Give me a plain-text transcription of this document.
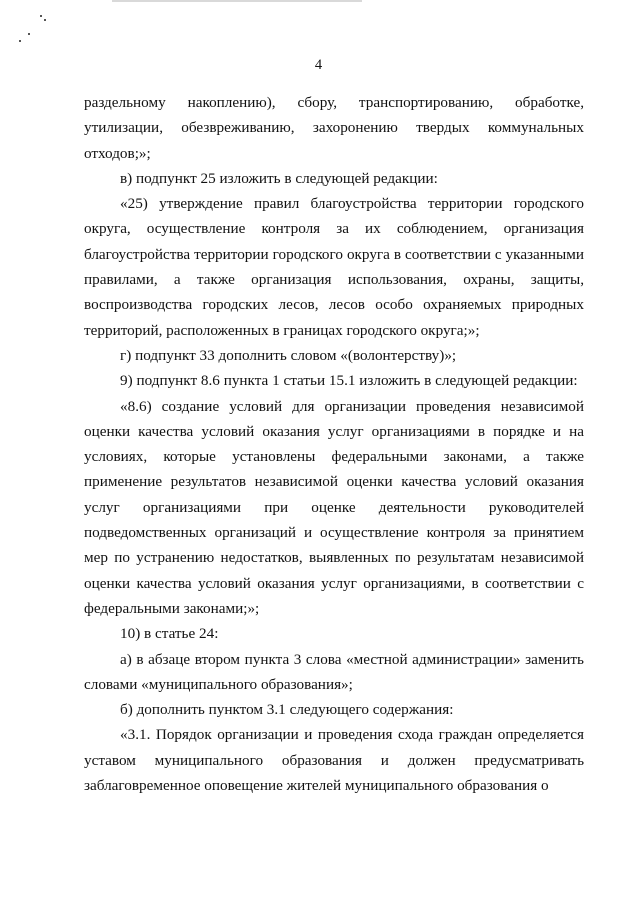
4

раздельному накоплению), сбору, транспортированию, обработке, утилизации, обезвреживанию, захоронению твердых коммунальных отходов;»;

в) подпункт 25 изложить в следующей редакции:

«25) утверждение правил благоустройства территории городского округа, осуществление контроля за их соблюдением, организация благоустройства территории городского округа в соответствии с указанными правилами, а также организация использования, охраны, защиты, воспроизводства городских лесов, лесов особо охраняемых природных территорий, расположенных в границах городского округа;»;

г) подпункт 33 дополнить словом «(волонтерству)»;

9) подпункт 8.6 пункта 1 статьи 15.1 изложить в следующей редакции:

«8.6) создание условий для организации проведения независимой оценки качества условий оказания услуг организациями в порядке и на условиях, которые установлены федеральными законами, а также применение результатов независимой оценки качества условий оказания услуг организациями при оценке деятельности руководителей подведомственных организаций и осуществление контроля за принятием мер по устранению недостатков, выявленных по результатам независимой оценки качества условий оказания услуг организациями, в соответствии с федеральными законами;»;

10) в статье 24:

а) в абзаце втором пункта 3 слова «местной администрации» заменить словами «муниципального образования»;

б) дополнить пунктом 3.1 следующего содержания:

«3.1. Порядок организации и проведения схода граждан определяется уставом муниципального образования и должен предусматривать заблаговременное оповещение жителей муниципального образования о
